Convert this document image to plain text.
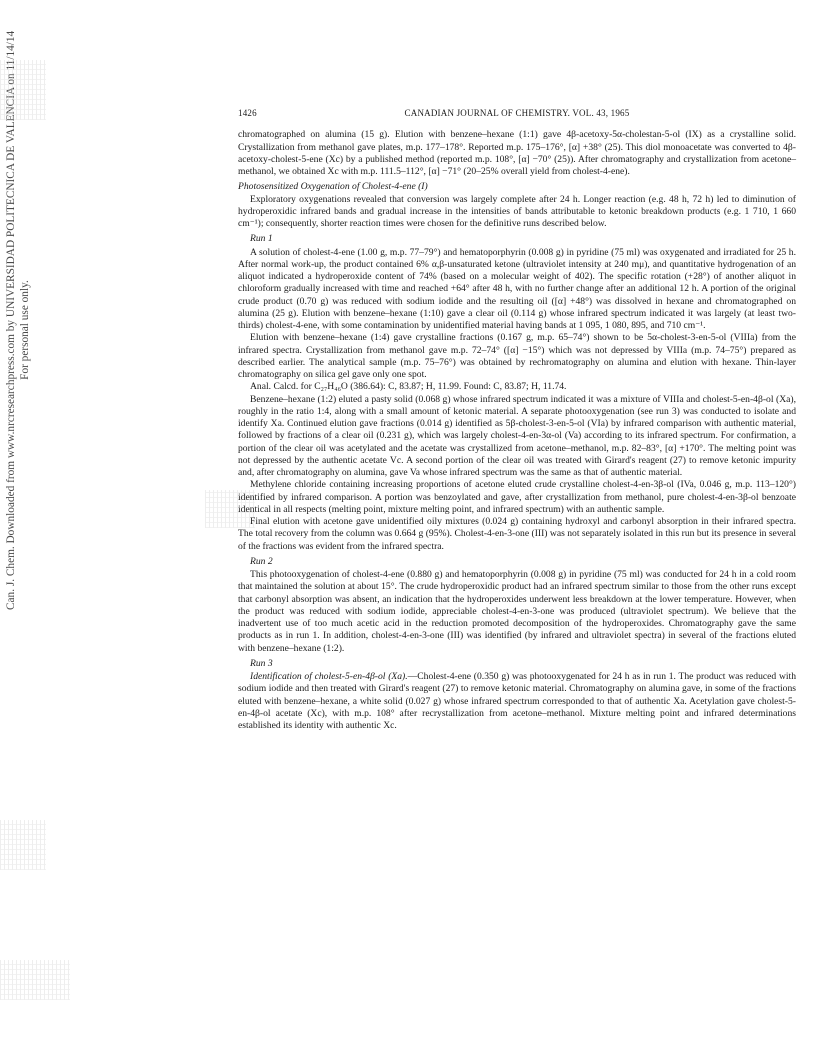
Can. J. Chem. Downloaded from www.nrcresearchpress.com by UNIVERSIDAD POLITECNICA DE VALENCIA on 11/14/14 For personal use only.
1426	CANADIAN JOURNAL OF CHEMISTRY. VOL. 43, 1965

chromatographed on alumina (15 g). Elution with benzene–hexane (1:1) gave 4β-acetoxy-5α-cholestan-5-ol (IX) as a crystalline solid. Crystallization from methanol gave plates, m.p. 177–178°. Reported m.p. 175–176°, [α] +38° (25). This diol monoacetate was converted to 4β-acetoxy-cholest-5-ene (Xc) by a published method (reported m.p. 108°, [α] −70° (25)). After chromatography and crystallization from acetone–methanol, we obtained Xc with m.p. 111.5–112°, [α] −71° (20–25% overall yield from cholest-4-ene).

Photosensitized Oxygenation of Cholest-4-ene (I)

Exploratory oxygenations revealed that conversion was largely complete after 24 h. Longer reaction (e.g. 48 h, 72 h) led to diminution of hydroperoxidic infrared bands and gradual increase in the intensities of bands attributable to ketonic breakdown products (e.g. 1 710, 1 660 cm⁻¹); consequently, shorter reaction times were chosen for the definitive runs described below.

Run 1

A solution of cholest-4-ene (1.00 g, m.p. 77–79°) and hematoporphyrin (0.008 g) in pyridine (75 ml) was oxygenated and irradiated for 25 h. After normal work-up, the product contained 6% α,β-unsaturated ketone (ultraviolet intensity at 240 mμ), and quantitative hydrogenation of an aliquot indicated a hydroperoxide content of 74% (based on a molecular weight of 402). The specific rotation (+28°) of another aliquot in chloroform gradually increased with time and reached +64° after 48 h, with no further change after an additional 12 h. A portion of the original crude product (0.70 g) was reduced with sodium iodide and the resulting oil ([α] +48°) was dissolved in hexane and chromatographed on alumina (25 g). Elution with benzene–hexane (1:10) gave a clear oil (0.114 g) whose infrared spectrum indicated it was largely (at least two-thirds) cholest-4-ene, with some contamination by unidentified material having bands at 1 095, 1 080, 895, and 710 cm⁻¹.

Elution with benzene–hexane (1:4) gave crystalline fractions (0.167 g, m.p. 65–74°) shown to be 5α-cholest-3-en-5-ol (VIIIa) from the infrared spectra. Crystallization from methanol gave m.p. 72–74° ([α] −15°) which was not depressed by VIIIa (m.p. 74–75°) prepared as described earlier. The analytical sample (m.p. 75–76°) was obtained by rechromatography on alumina and elution with hexane. Thin-layer chromatography on silica gel gave only one spot.

Anal. Calcd. for C₂₇H₄₆O (386.64): C, 83.87; H, 11.99. Found: C, 83.87; H, 11.74.

Benzene–hexane (1:2) eluted a pasty solid (0.068 g) whose infrared spectrum indicated it was a mixture of VIIIa and cholest-5-en-4β-ol (Xa), roughly in the ratio 1:4, along with a small amount of ketonic material. A separate photooxygenation (see run 3) was conducted to isolate and identify Xa. Continued elution gave fractions (0.014 g) identified as 5β-cholest-3-en-5-ol (VIa) by infrared comparison with authentic material, followed by fractions of a clear oil (0.231 g), which was largely cholest-4-en-3α-ol (Va) according to its infrared spectrum. For confirmation, a portion of the clear oil was acetylated and the acetate was crystallized from acetone–methanol, m.p. 82–83°, [α] +170°. The melting point was not depressed by the authentic acetate Vc. A second portion of the clear oil was treated with Girard's reagent (27) to remove ketonic impurity and, after chromatography on alumina, gave Va whose infrared spectrum was the same as that of authentic material.

Methylene chloride containing increasing proportions of acetone eluted crude crystalline cholest-4-en-3β-ol (IVa, 0.046 g, m.p. 113–120°) identified by infrared comparison. A portion was benzoylated and gave, after crystallization from methanol, pure cholest-4-en-3β-ol benzoate identical in all respects (melting point, mixture melting point, and infrared spectrum) with an authentic sample.

Final elution with acetone gave unidentified oily mixtures (0.024 g) containing hydroxyl and carbonyl absorption in their infrared spectra. The total recovery from the column was 0.664 g (95%). Cholest-4-en-3-one (III) was not separately isolated in this run but its presence in several of the fractions was evident from the infrared spectra.

Run 2

This photooxygenation of cholest-4-ene (0.880 g) and hematoporphyrin (0.008 g) in pyridine (75 ml) was conducted for 24 h in a cold room that maintained the solution at about 15°. The crude hydroperoxidic product had an infrared spectrum similar to those from the other runs except that carbonyl absorption was absent, an indication that the hydroperoxides underwent less breakdown at the lower temperature. However, when the product was reduced with sodium iodide, appreciable cholest-4-en-3-one was produced (ultraviolet spectrum). We believe that the inadvertent use of too much acetic acid in the reduction promoted decomposition of the hydroperoxides. Chromatography gave the same products as in run 1. In addition, cholest-4-en-3-one (III) was identified (by infrared and ultraviolet spectra) in several of the fractions eluted with benzene–hexane (1:2).

Run 3

Identification of cholest-5-en-4β-ol (Xa).—Cholest-4-ene (0.350 g) was photooxygenated for 24 h as in run 1. The product was reduced with sodium iodide and then treated with Girard's reagent (27) to remove ketonic material. Chromatography on alumina gave, in some of the fractions eluted with benzene–hexane, a white solid (0.027 g) whose infrared spectrum corresponded to that of authentic Xa. Acetylation gave cholest-5-en-4β-ol acetate (Xc), with m.p. 108° after recrystallization from acetone–methanol. Mixture melting point and infrared determinations established its identity with authentic Xc.
